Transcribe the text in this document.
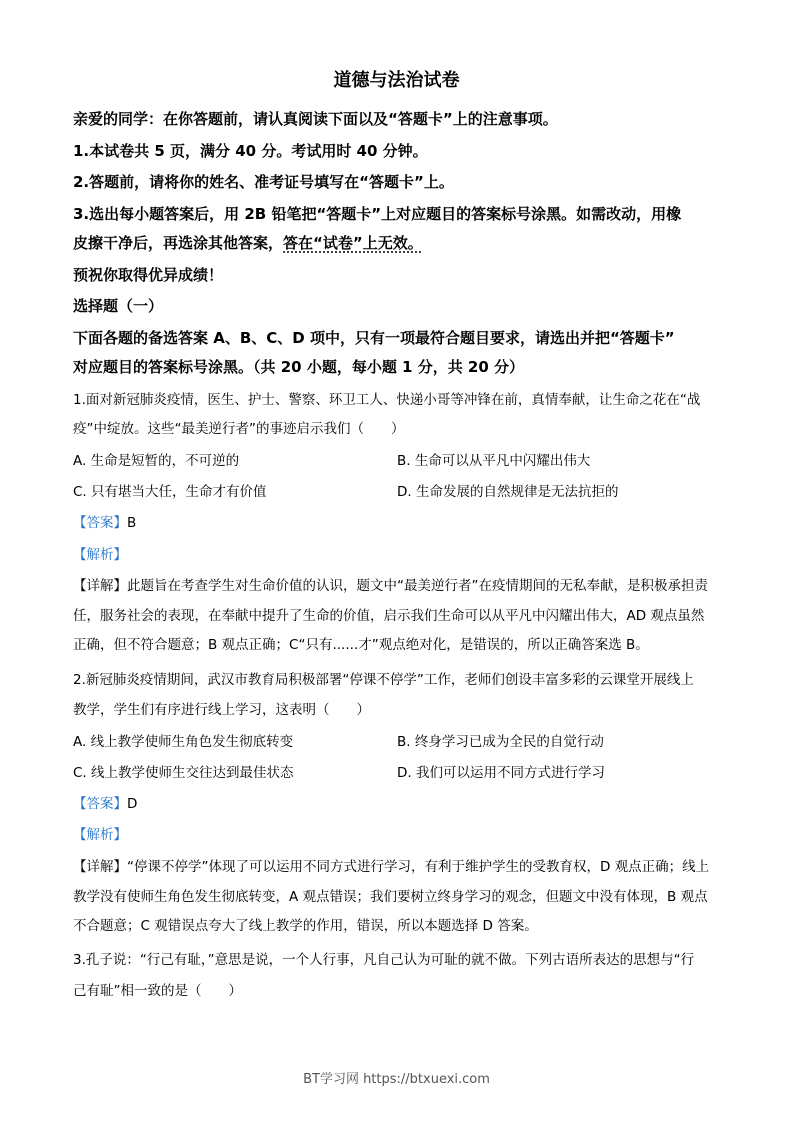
道德与法治试卷
亲爱的同学：在你答题前，请认真阅读下面以及“答题卡”上的注意事项。
1.本试卷共 5 页，满分 40 分。考试用时 40 分钟。
2.答题前，请将你的姓名、准考证号填写在“答题卡”上。
3.选出每小题答案后，用 2B 铅笔把“答题卡”上对应题目的答案标号涂黑。如需改动，用橡
皮擦干净后，再选涂其他答案，答在“试卷”上无效。
预祝你取得优异成绩！
选择题（一）
下面各题的备选答案 A、B、C、D 项中，只有一项最符合题目要求，请选出并把“答题卡”
对应题目的答案标号涂黑。（共 20 小题，每小题 1 分，共 20 分）
1.面对新冠肺炎疫情，医生、护士、警察、环卫工人、快递小哥等冲锋在前，真情奉献，让生命之花在“战
疫”中绽放。这些“最美逆行者”的事迹启示我们（　　）
A. 生命是短暂的，不可逆的	B. 生命可以从平凡中闪耀出伟大
C. 只有堪当大任，生命才有价值	D. 生命发展的自然规律是无法抗拒的
【答案】B
【解析】
【详解】此题旨在考查学生对生命价值的认识，题文中“最美逆行者”在疫情期间的无私奉献，是积极承担责
任，服务社会的表现，在奉献中提升了生命的价值，启示我们生命可以从平凡中闪耀出伟大，AD 观点虽然
正确，但不符合题意；B 观点正确；C“只有......才”观点绝对化，是错误的，所以正确答案选 B。
2.新冠肺炎疫情期间，武汉市教育局积极部署“停课不停学”工作，老师们创设丰富多彩的云课堂开展线上
教学，学生们有序进行线上学习，这表明（　　）
A. 线上教学使师生角色发生彻底转变	B. 终身学习已成为全民的自觉行动
C. 线上教学使师生交往达到最佳状态	D. 我们可以运用不同方式进行学习
【答案】D
【解析】
【详解】“停课不停学”体现了可以运用不同方式进行学习，有利于维护学生的受教育权，D 观点正确；线上
教学没有使师生角色发生彻底转变，A 观点错误；我们要树立终身学习的观念，但题文中没有体现，B 观点
不合题意；C 观错误点夸大了线上教学的作用，错误，所以本题选择 D 答案。
3.孔子说：“行己有耻，”意思是说，一个人行事，凡自己认为可耻的就不做。下列古语所表达的思想与“行
己有耻”相一致的是（　　）
BT学习网 https://btxuexi.com
